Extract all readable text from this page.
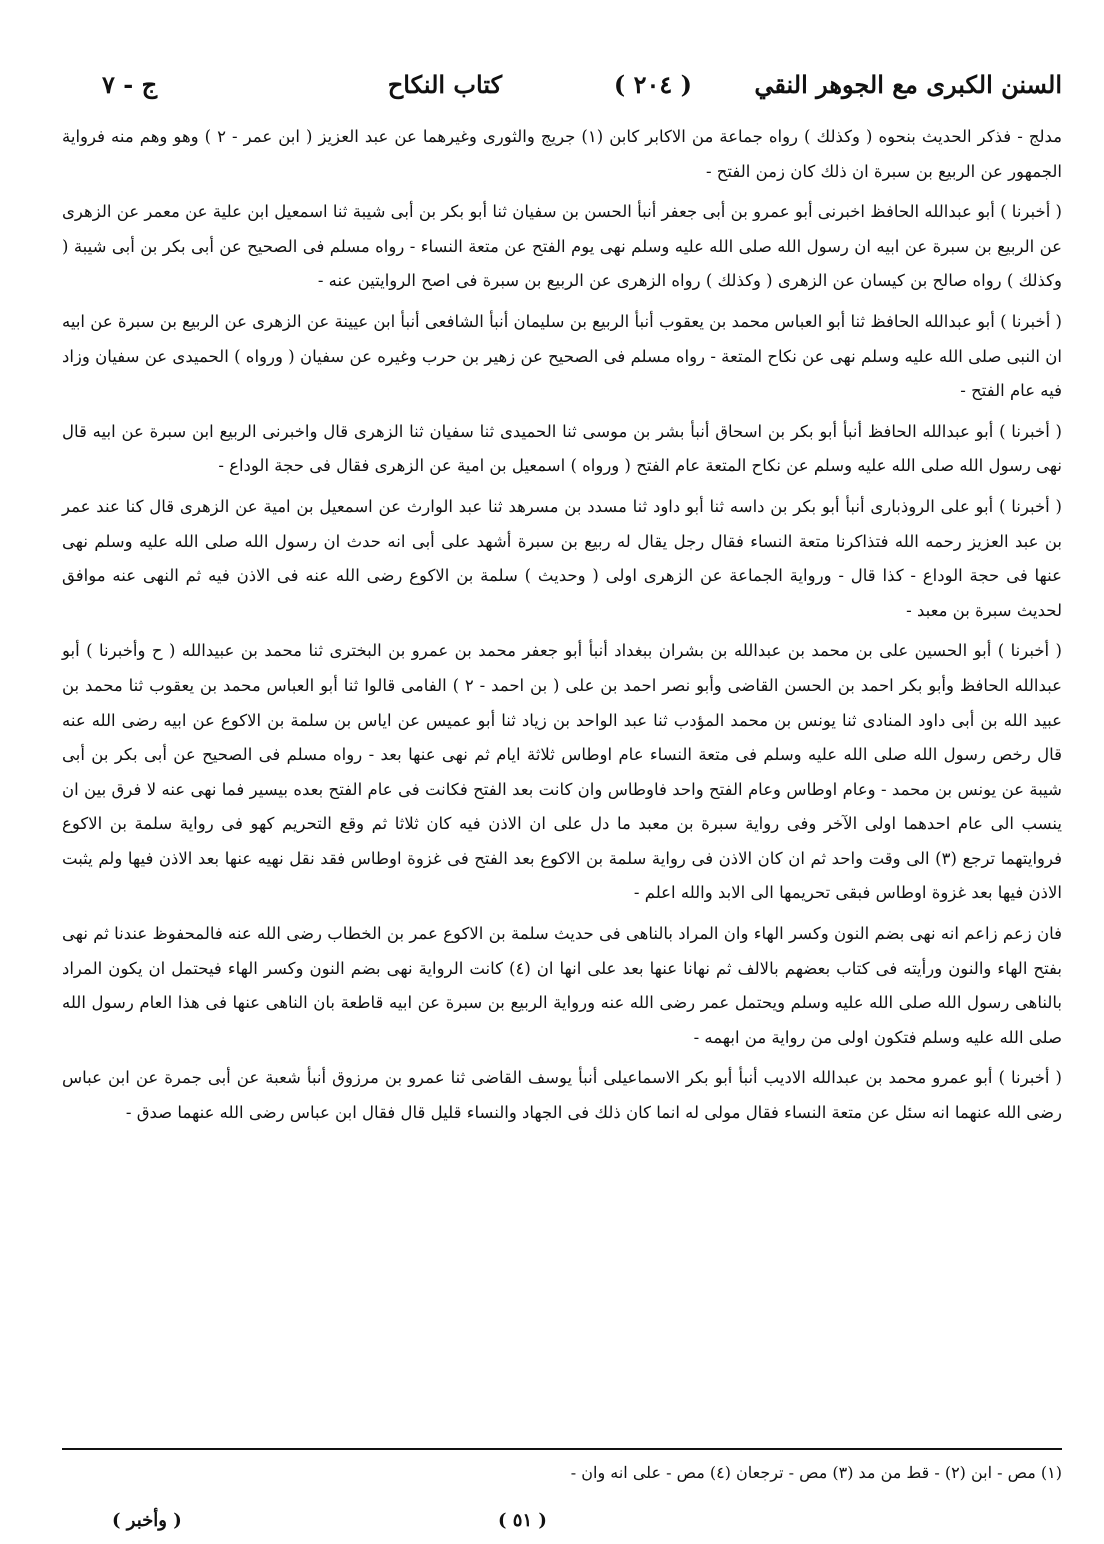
السنن الكبرى مع الجوهر النقي
( ٢٠٤ )
كتاب النكاح
ج - ٧

مدلج - فذكر الحديث بنحوه ( وكذلك ) رواه جماعة من الاكابر كابن (١) جريج والثورى وغيرهما عن عبد العزيز ( ابن عمر - ٢ ) وهو وهم منه فرواية الجمهور عن الربيع بن سبرة ان ذلك كان زمن الفتح -

( أخبرنا ) أبو عبدالله الحافظ اخبرنى أبو عمرو بن أبى جعفر أنبأ الحسن بن سفيان ثنا أبو بكر بن أبى شيبة ثنا اسمعيل ابن علية عن معمر عن الزهرى عن الربيع بن سبرة عن ابيه ان رسول الله صلى الله عليه وسلم نهى يوم الفتح عن متعة النساء - رواه مسلم فى الصحيح عن أبى بكر بن أبى شيبة ( وكذلك ) رواه صالح بن كيسان عن الزهرى ( وكذلك ) رواه الزهرى عن الربيع بن سبرة فى اصح الروايتين عنه -

( أخبرنا ) أبو عبدالله الحافظ ثنا أبو العباس محمد بن يعقوب أنبأ الربيع بن سليمان أنبأ الشافعى أنبأ ابن عيينة عن الزهرى عن الربيع بن سبرة عن ابيه ان النبى صلى الله عليه وسلم نهى عن نكاح المتعة - رواه مسلم فى الصحيح عن زهير بن حرب وغيره عن سفيان ( ورواه ) الحميدى عن سفيان وزاد فيه عام الفتح -

( أخبرنا ) أبو عبدالله الحافظ أنبأ أبو بكر بن اسحاق أنبأ بشر بن موسى ثنا الحميدى ثنا سفيان ثنا الزهرى قال واخبرنى الربيع ابن سبرة عن ابيه قال نهى رسول الله صلى الله عليه وسلم عن نكاح المتعة عام الفتح ( ورواه ) اسمعيل بن امية عن الزهرى فقال فى حجة الوداع -

( أخبرنا ) أبو على الروذبارى أنبأ أبو بكر بن داسه ثنا أبو داود ثنا مسدد بن مسرهد ثنا عبد الوارث عن اسمعيل بن امية عن الزهرى قال كنا عند عمر بن عبد العزيز رحمه الله فتذاكرنا متعة النساء فقال رجل يقال له ربيع بن سبرة أشهد على أبى انه حدث ان رسول الله صلى الله عليه وسلم نهى عنها فى حجة الوداع - كذا قال - ورواية الجماعة عن الزهرى اولى ( وحديث ) سلمة بن الاكوع رضى الله عنه فى الاذن فيه ثم النهى عنه موافق لحديث سبرة بن معبد -

( أخبرنا ) أبو الحسين على بن محمد بن عبدالله بن بشران ببغداد أنبأ أبو جعفر محمد بن عمرو بن البخترى ثنا محمد بن عبيدالله ( ح وأخبرنا ) أبو عبدالله الحافظ وأبو بكر احمد بن الحسن القاضى وأبو نصر احمد بن على ( بن احمد - ٢ ) الفامى قالوا ثنا أبو العباس محمد بن يعقوب ثنا محمد بن عبيد الله بن أبى داود المنادى ثنا يونس بن محمد المؤدب ثنا عبد الواحد بن زياد ثنا أبو عميس عن اياس بن سلمة بن الاكوع عن ابيه رضى الله عنه قال رخص رسول الله صلى الله عليه وسلم فى متعة النساء عام اوطاس ثلاثة ايام ثم نهى عنها بعد - رواه مسلم فى الصحيح عن أبى بكر بن أبى شيبة عن يونس بن محمد - وعام اوطاس وعام الفتح واحد فاوطاس وان كانت بعد الفتح فكانت فى عام الفتح بعده بيسير فما نهى عنه لا فرق بين ان ينسب الى عام احدهما اولى الآخر وفى رواية سبرة بن معبد ما دل على ان الاذن فيه كان ثلاثا ثم وقع التحريم كهو فى رواية سلمة بن الاكوع فروايتهما ترجع (٣) الى وقت واحد ثم ان كان الاذن فى رواية سلمة بن الاكوع بعد الفتح فى غزوة اوطاس فقد نقل نهيه عنها بعد الاذن فيها ولم يثبت الاذن فيها بعد غزوة اوطاس فبقى تحريمها الى الابد والله اعلم -

فان زعم زاعم انه نهى بضم النون وكسر الهاء وان المراد بالناهى فى حديث سلمة بن الاكوع عمر بن الخطاب رضى الله عنه فالمحفوظ عندنا ثم نهى بفتح الهاء والنون ورأيته فى كتاب بعضهم بالالف ثم نهانا عنها بعد على انها ان (٤) كانت الرواية نهى بضم النون وكسر الهاء فيحتمل ان يكون المراد بالناهى رسول الله صلى الله عليه وسلم ويحتمل عمر رضى الله عنه ورواية الربيع بن سبرة عن ابيه قاطعة بان الناهى عنها فى هذا العام رسول الله صلى الله عليه وسلم فتكون اولى من رواية من ابهمه -

( أخبرنا ) أبو عمرو محمد بن عبدالله الاديب أنبأ أبو بكر الاسماعيلى أنبأ يوسف القاضى ثنا عمرو بن مرزوق أنبأ شعبة عن أبى جمرة عن ابن عباس رضى الله عنهما انه سئل عن متعة النساء فقال مولى له انما كان ذلك فى الجهاد والنساء قليل قال فقال ابن عباس رضى الله عنهما صدق -

(١) مص - ابن (٢) - قط من مد (٣) مص - ترجعان (٤) مص - على انه وان -
( ٥١ )
( وأخبر )
